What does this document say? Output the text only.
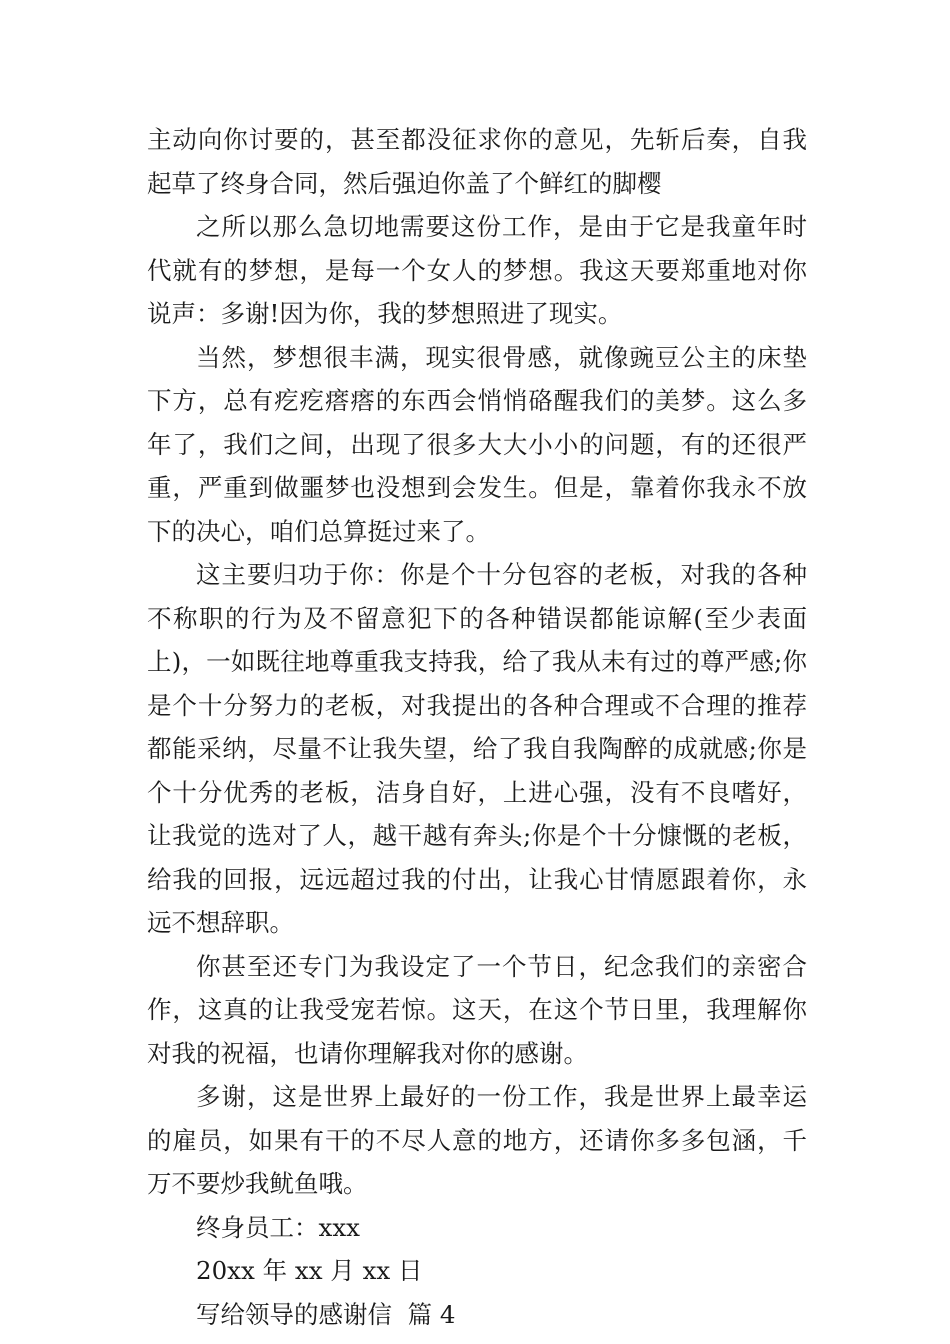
主动向你讨要的，甚至都没征求你的意见，先斩后奏，自我起草了终身合同，然后强迫你盖了个鲜红的脚樱

之所以那么急切地需要这份工作，是由于它是我童年时代就有的梦想，是每一个女人的梦想。我这天要郑重地对你说声：多谢!因为你，我的梦想照进了现实。

当然，梦想很丰满，现实很骨感，就像豌豆公主的床垫下方，总有疙疙瘩瘩的东西会悄悄硌醒我们的美梦。这么多年了，我们之间，出现了很多大大小小的问题，有的还很严重，严重到做噩梦也没想到会发生。但是，靠着你我永不放下的决心，咱们总算挺过来了。

这主要归功于你：你是个十分包容的老板，对我的各种不称职的行为及不留意犯下的各种错误都能谅解(至少表面上)，一如既往地尊重我支持我，给了我从未有过的尊严感;你是个十分努力的老板，对我提出的各种合理或不合理的推荐都能采纳，尽量不让我失望，给了我自我陶醉的成就感;你是个十分优秀的老板，洁身自好，上进心强，没有不良嗜好，让我觉的选对了人，越干越有奔头;你是个十分慷慨的老板，给我的回报，远远超过我的付出，让我心甘情愿跟着你，永远不想辞职。

你甚至还专门为我设定了一个节日，纪念我们的亲密合作，这真的让我受宠若惊。这天，在这个节日里，我理解你对我的祝福，也请你理解我对你的感谢。

多谢，这是世界上最好的一份工作，我是世界上最幸运的雇员，如果有干的不尽人意的地方，还请你多多包涵，千万不要炒我鱿鱼哦。

终身员工：xxx

20xx 年 xx 月 xx 日

写给领导的感谢信  篇 4
